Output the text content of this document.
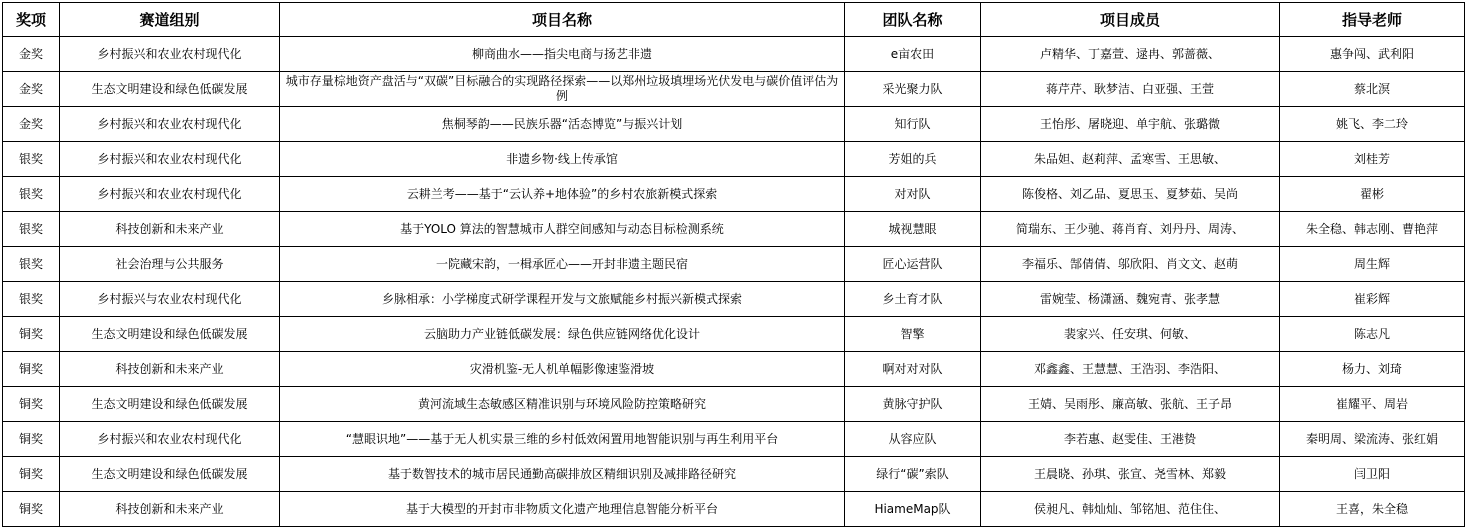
奖项	赛道组别	项目名称	团队名称	项目成员	指导老师
金奖	乡村振兴和农业农村现代化	柳商曲水——指尖电商与扬艺非遗	e亩农田	卢精华、丁嘉萱、逯冉、郭蔷薇、	惠争闯、武利阳
金奖	生态文明建设和绿色低碳发展	城市存量棕地资产盘活与“双碳”目标融合的实现路径探索——以郑州垃圾填埋场光伏发电与碳价值评估为例	采光聚力队	蒋芹芹、耿梦洁、白亚强、王萱	蔡北溟
金奖	乡村振兴和农业农村现代化	焦桐琴韵——民族乐器“活态博览”与振兴计划	知行队	王怡彤、屠晓迎、单宇航、张璐微	姚飞、李二玲
银奖	乡村振兴和农业农村现代化	非遗乡物·线上传承馆	芳姐的兵	朱品妲、赵莉萍、孟寒雪、王思敏、	刘桂芳
银奖	乡村振兴和农业农村现代化	云耕兰考——基于“云认养+地体验”的乡村农旅新模式探索	对对队	陈俊格、刘乙品、夏思玉、夏梦茹、吴尚	翟彬
银奖	科技创新和未来产业	基于YOLO 算法的智慧城市人群空间感知与动态目标检测系统	城视慧眼	简瑞东、王少驰、蒋肖育、刘丹丹、周涛、	朱全稳、韩志刚、曹艳萍
银奖	社会治理与公共服务	一院藏宋韵，一楫承匠心——开封非遗主题民宿	匠心运营队	李福乐、郜倩倩、邬欣阳、肖文文、赵萌	周生辉
银奖	乡村振兴与农业农村现代化	乡脉相承：小学梯度式研学课程开发与文旅赋能乡村振兴新模式探索	乡土育才队	雷婉莹、杨潇涵、魏宛青、张孝慧	崔彩辉
铜奖	生态文明建设和绿色低碳发展	云脑助力产业链低碳发展：绿色供应链网络优化设计	智擎	裴家兴、任安琪、何敏、	陈志凡
铜奖	科技创新和未来产业	灾滑机鉴-无人机单幅影像速鉴滑坡	啊对对对队	邓鑫鑫、王慧慧、王浩羽、李浩阳、	杨力、刘琦
铜奖	生态文明建设和绿色低碳发展	黄河流域生态敏感区精准识别与环境风险防控策略研究	黄脉守护队	王婧、吴雨彤、廉高敏、张航、王子昂	崔耀平、周岩
铜奖	乡村振兴和农业农村现代化	“慧眼识地”——基于无人机实景三维的乡村低效闲置用地智能识别与再生利用平台	从容应队	李若惠、赵雯佳、王港贽	秦明周、梁流涛、张红娟
铜奖	生态文明建设和绿色低碳发展	基于数智技术的城市居民通勤高碳排放区精细识别及减排路径研究	绿行“碳”索队	王晨晓、孙琪、张宣、尧雪林、郑毅	闫卫阳
铜奖	科技创新和未来产业	基于大模型的开封市非物质文化遗产地理信息智能分析平台	HiameMap队	侯昶凡、韩灿灿、邹铭旭、范住住、	王喜，朱全稳
